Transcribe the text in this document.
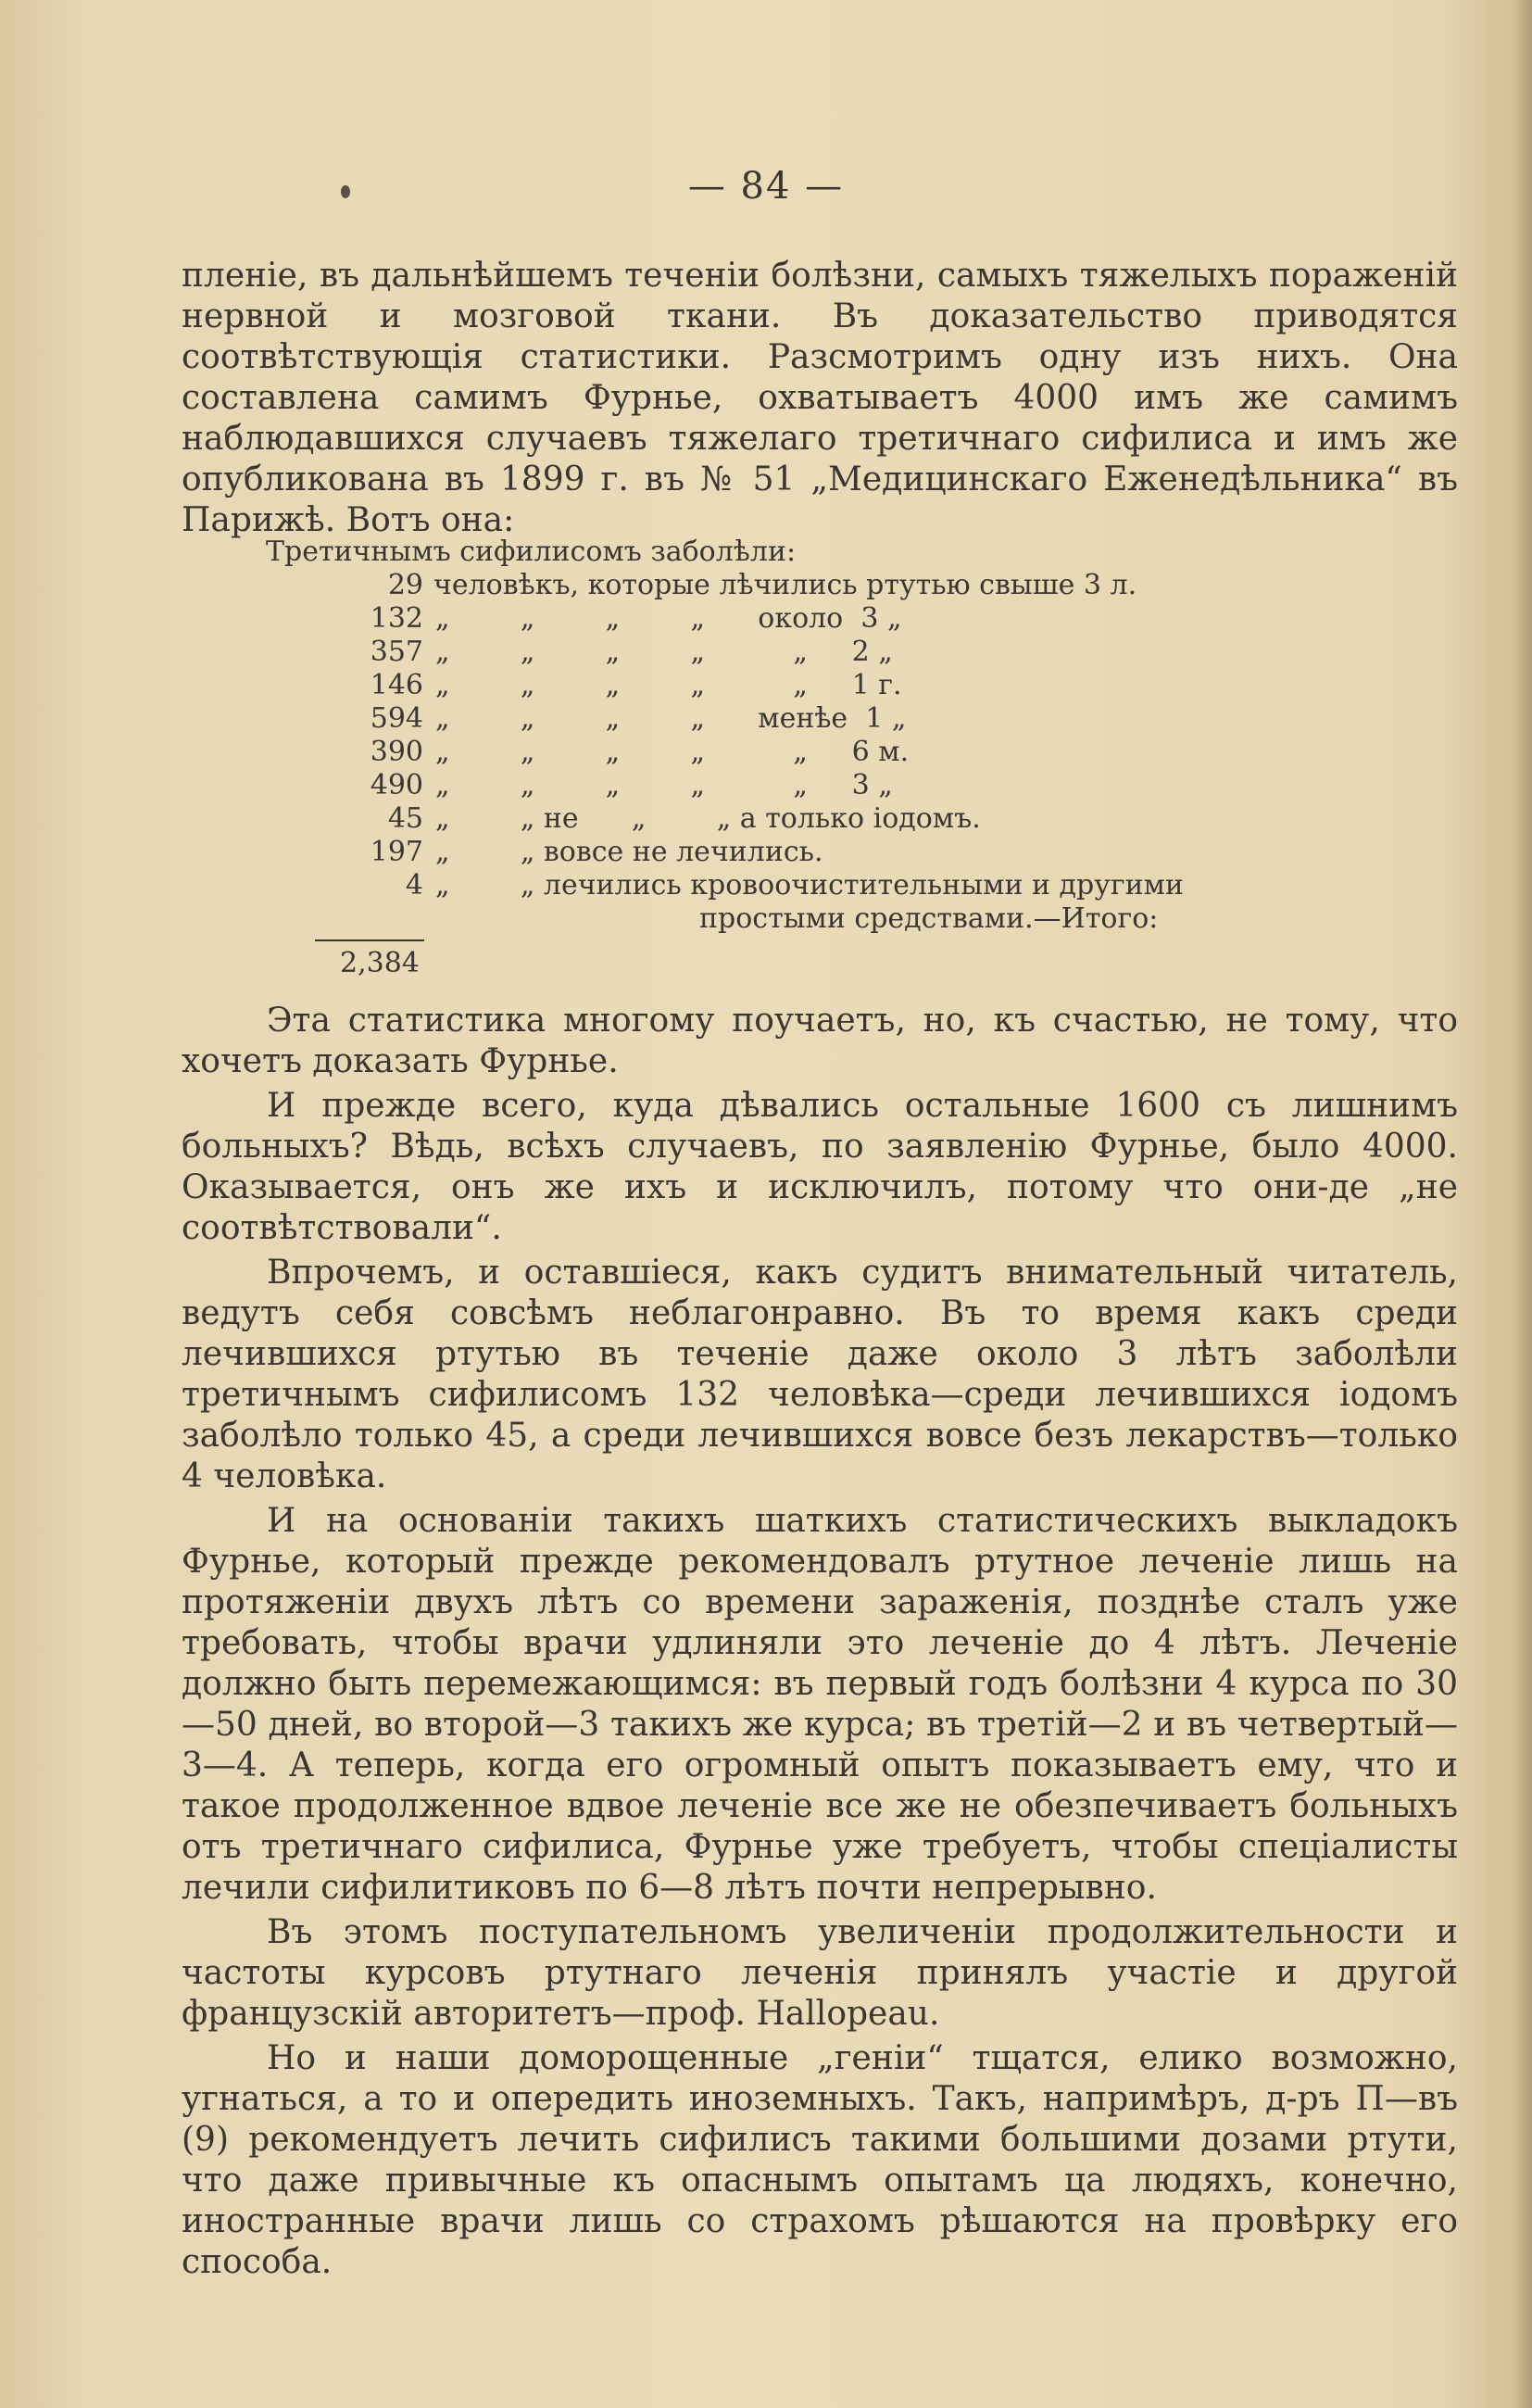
— 84 —

плeнie, въ дальнѣйшемъ теченiи болѣзни, самыхъ тяжелыхъ пораженiй нервной и мозговой ткани. Въ доказательство приводятся соотвѣтствующiя статистики. Разсмотримъ одну изъ нихъ. Она составлена самимъ Фурнье, охватываетъ 4000 имъ же самимъ наблюдавшихся случаевъ тяжелаго третичнаго сифилиса и имъ же опубликована въ 1899 г. въ № 51 „Медицинскаго Еженедѣльника“ въ Парижѣ. Вотъ она:

Третичнымъ сифилисомъ заболѣли:
29 человѣкъ, которые лѣчились ртутью свыше 3 л.
132 „        „        „        „      около  3 „
357 „        „        „        „          „     2 „
146 „        „        „        „          „     1 г.
594 „        „        „        „      менѣе  1 „
390 „        „        „        „          „     6 м.
490 „        „        „        „          „     3 „
45 „        „ не      „        „ а только iодомъ.
197 „        „ вовсе не лечились.
4 „        „ лечились кровоочистительными и другими
простыми средствами.—Итого:
2,384

Эта статистика многому поучаетъ, но, къ счастью, не тому, что хочетъ доказать Фурнье.

И прежде всего, куда дѣвались остальные 1600 съ лишнимъ больныхъ? Вѣдь, всѣхъ случаевъ, по заявленiю Фурнье, было 4000. Оказывается, онъ же ихъ и исключилъ, потому что они-де „не соотвѣтствовали“.

Впрочемъ, и оставшiеся, какъ судитъ внимательный читатель, ведутъ себя совсѣмъ неблагонравно. Въ то время какъ среди лечившихся ртутью въ теченiе даже около 3 лѣтъ заболѣли третичнымъ сифилисомъ 132 человѣка—среди лечившихся iодомъ заболѣло только 45, а среди лечившихся вовсе безъ лекарствъ—только 4 человѣка.

И на основанiи такихъ шаткихъ статистическихъ выкладокъ Фурнье, который прежде рекомендовалъ ртутное леченiе лишь на протяженiи двухъ лѣтъ со времени зараженiя, позднѣе сталъ уже требовать, чтобы врачи удлиняли это леченiе до 4 лѣтъ. Леченiе должно быть перемежающимся: въ первый годъ болѣзни 4 курса по 30—50 дней, во второй—3 такихъ же курса; въ третiй—2 и въ четвертый—3—4. А теперь, когда его огромный опытъ показываетъ ему, что и такое продолженное вдвое леченiе все же не обезпечиваетъ больныхъ отъ третичнаго сифилиса, Фурнье уже требуетъ, чтобы спецiалисты лечили сифилитиковъ по 6—8 лѣтъ почти непрерывно.

Въ этомъ поступательномъ увеличенiи продолжительности и частоты курсовъ ртутнаго леченiя принялъ участiе и другой французскiй авторитетъ—проф. Hallopeau.

Но и наши доморощенные „генiи“ тщатся, елико возможно, угнаться, а то и опередить иноземныхъ. Такъ, напримѣръ, д-ръ П—въ (9) рекомендуетъ лечить сифилисъ такими большими дозами ртути, что даже привычные къ опаснымъ опытамъ ца людяхъ, конечно, иностранные врачи лишь со страхомъ рѣшаются на провѣрку его способа.
